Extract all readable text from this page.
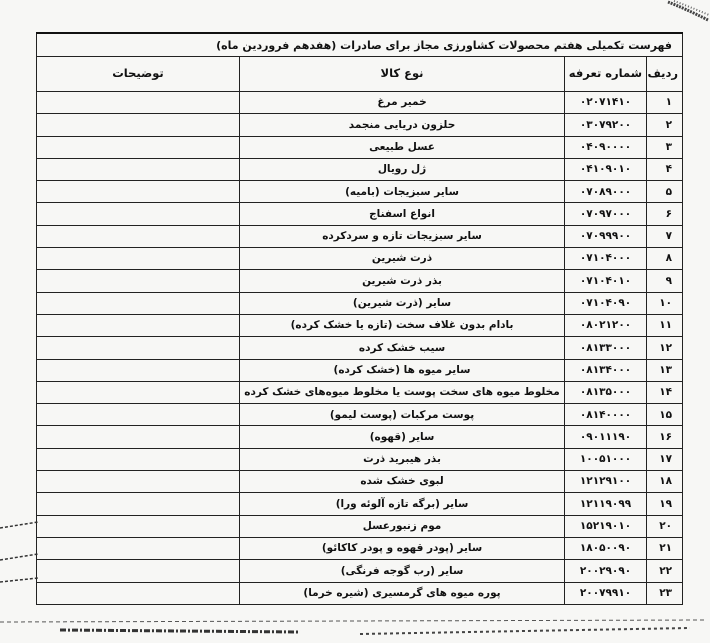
فهرست تکمیلی هفتم محصولات کشاورزی مجاز برای صادرات (هفدهم فروردین ماه)			
ردیف	شماره تعرفه	نوع کالا	توضیحات
۱	۰۲۰۷۱۴۱۰	خمیر مرغ	
۲	۰۳۰۷۹۲۰۰	حلزون دریایی منجمد	
۳	۰۴۰۹۰۰۰۰	عسل طبیعی	
۴	۰۴۱۰۹۰۱۰	ژل رویال	
۵	۰۷۰۸۹۰۰۰	سایر سبزیجات (بامیه)	
۶	۰۷۰۹۷۰۰۰	انواع اسفناج	
۷	۰۷۰۹۹۹۰۰	سایر سبزیجات تازه و سردکرده	
۸	۰۷۱۰۴۰۰۰	ذرت شیرین	
۹	۰۷۱۰۴۰۱۰	بذر ذرت شیرین	
۱۰	۰۷۱۰۴۰۹۰	سایر (ذرت شیرین)	
۱۱	۰۸۰۲۱۲۰۰	بادام بدون غلاف سخت (تازه یا خشک کرده)	
۱۲	۰۸۱۳۳۰۰۰	سیب خشک کرده	
۱۳	۰۸۱۳۴۰۰۰	سایر میوه ها (خشک کرده)	
۱۴	۰۸۱۳۵۰۰۰	مخلوط میوه های سخت پوست یا مخلوط میوه‌های خشک کرده	
۱۵	۰۸۱۴۰۰۰۰	پوست مرکبات (پوست لیمو)	
۱۶	۰۹۰۱۱۱۹۰	سایر (قهوه)	
۱۷	۱۰۰۵۱۰۰۰	بذر هیبرید ذرت	
۱۸	۱۲۱۲۹۱۰۰	لبوی خشک شده	
۱۹	۱۲۱۱۹۰۹۹	سایر (برگه تازه آلوئه ورا)	
۲۰	۱۵۲۱۹۰۱۰	موم زنبورعسل	
۲۱	۱۸۰۵۰۰۹۰	سایر (پودر قهوه و پودر کاکائو)	
۲۲	۲۰۰۲۹۰۹۰	سایر (رب گوجه فرنگی)	
۲۳	۲۰۰۷۹۹۱۰	پوره میوه های گرمسیری (شیره خرما)	
